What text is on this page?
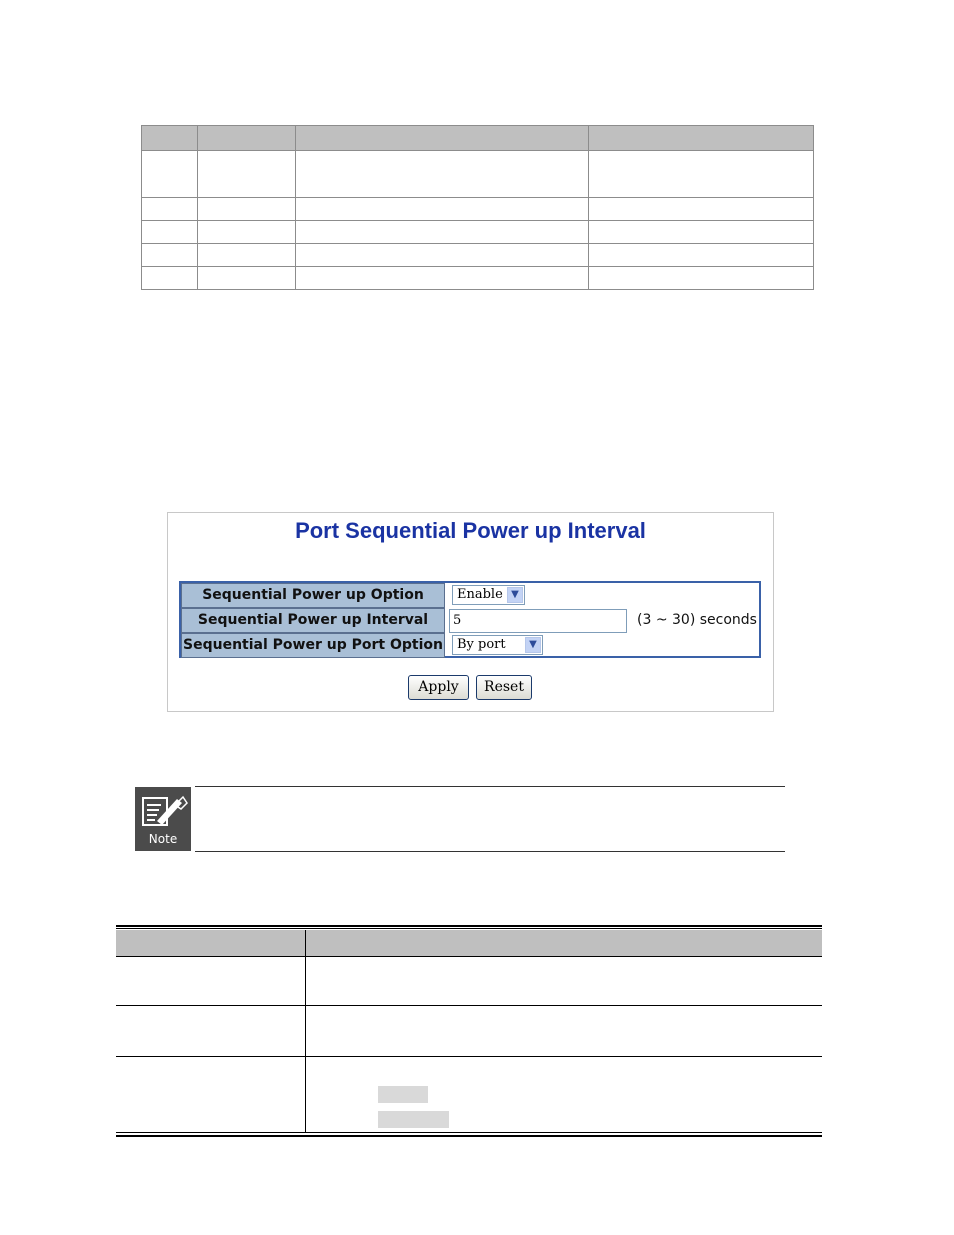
Port Sequential Power up Interval
Sequential Power up Option	Enable ▼
Sequential Power up Interval	5	(3 ~ 30) seconds
Sequential Power up Port Option	By port	▼
Apply	Reset
Note
